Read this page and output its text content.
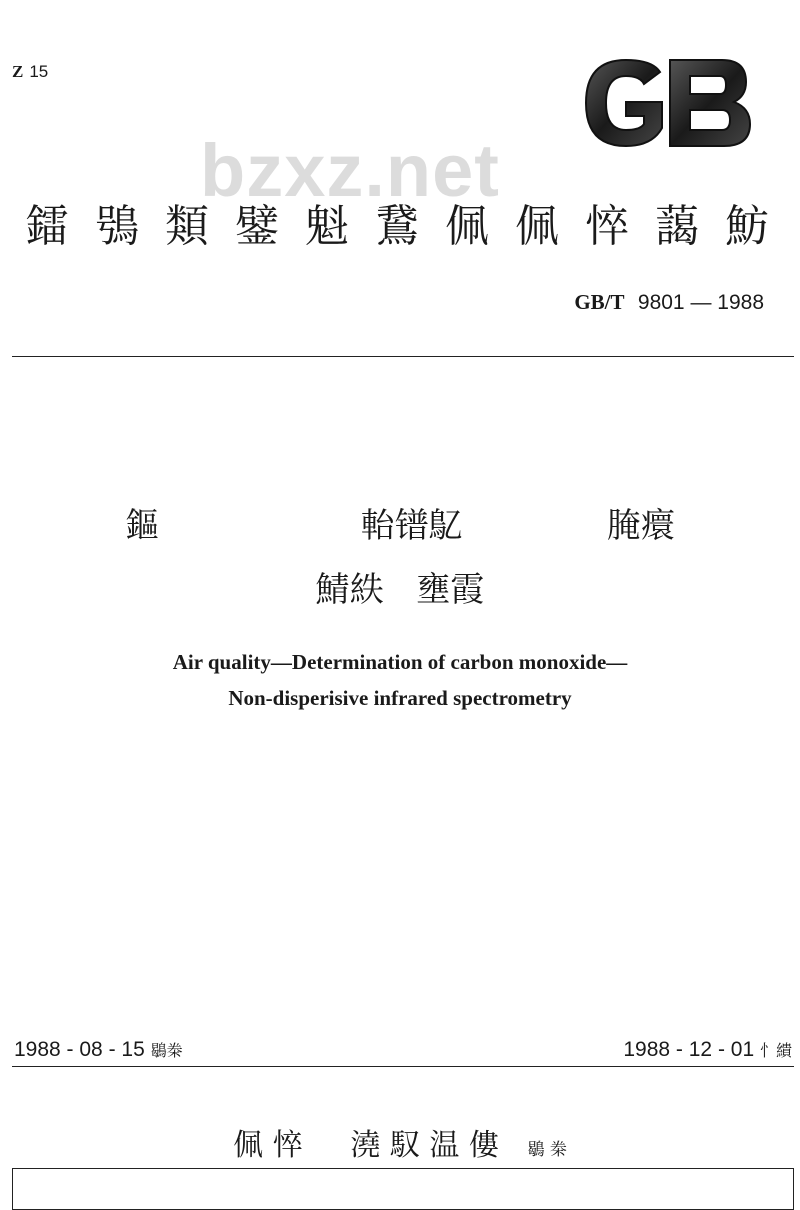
Z 15
bzxz.net
鐳 鴞 類 鐾 魁 鵞 佩 佩 悴 藹 魴
GB/T 9801 — 1988
鏂       軩镨鳦     腌癏
鯖紩   壅霞
Air quality—Determination of carbon monoxide—
Non-disperisive infrared spectrometry
1988 - 08 - 15 鶡桊	1988 - 12 - 01 忄繢
佩 悴     澆 馭 温 僂 鶡 桊
